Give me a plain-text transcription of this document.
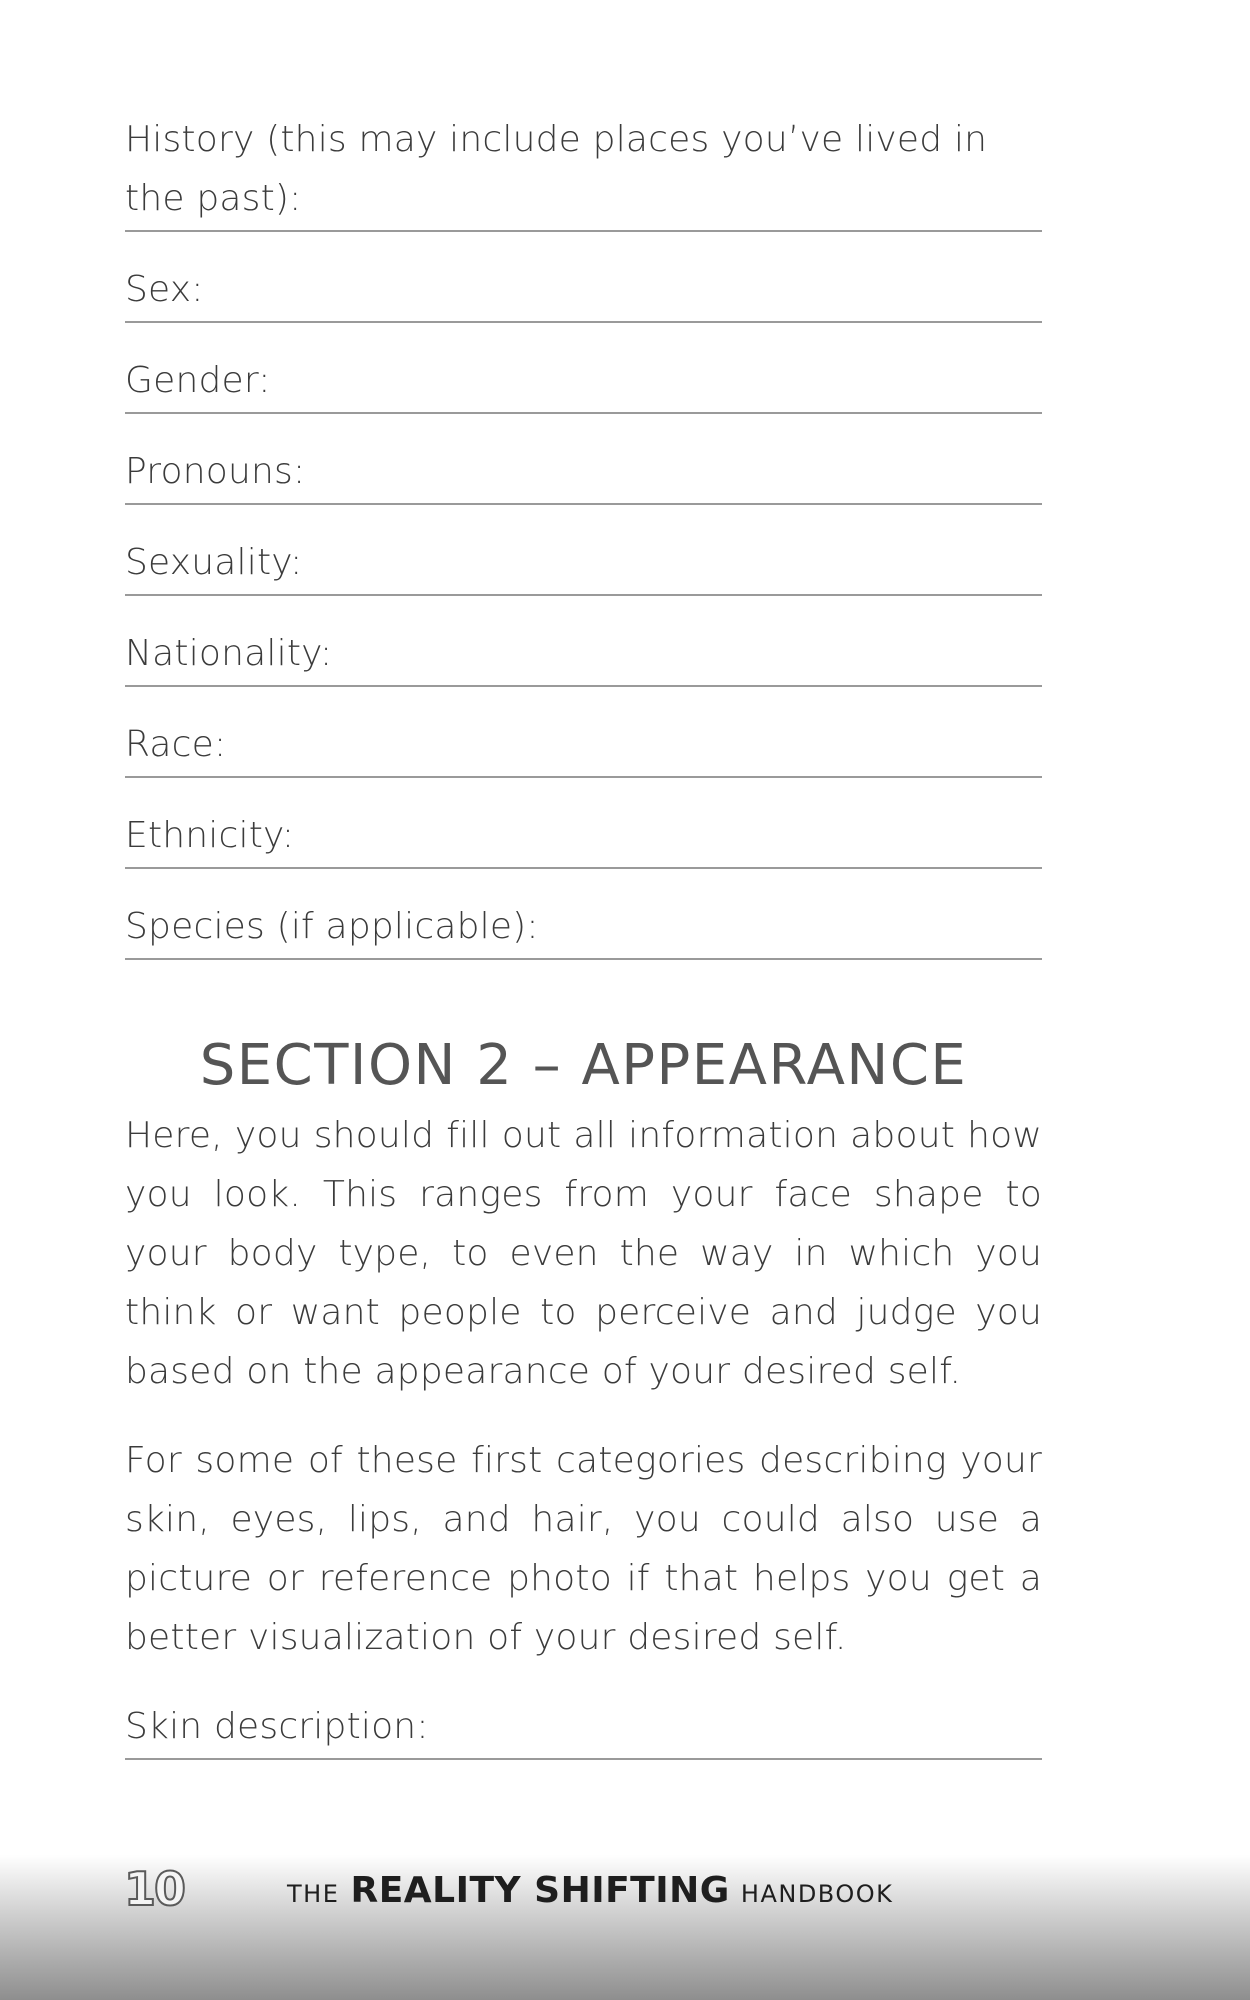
History (this may include places you’ve lived in the past):
Sex:
Gender:
Pronouns:
Sexuality:
Nationality:
Race:
Ethnicity:
Species (if applicable):
SECTION 2 – APPEARANCE

Here, you should fill out all information about how you look. This ranges from your face shape to your body type, to even the way in which you think or want people to perceive and judge you based on the appearance of your desired self.

For some of these first categories describing your skin, eyes, lips, and hair, you could also use a picture or reference photo if that helps you get a better visualization of your desired self.

Skin description:
10	THE REALITY SHIFTING HANDBOOK
